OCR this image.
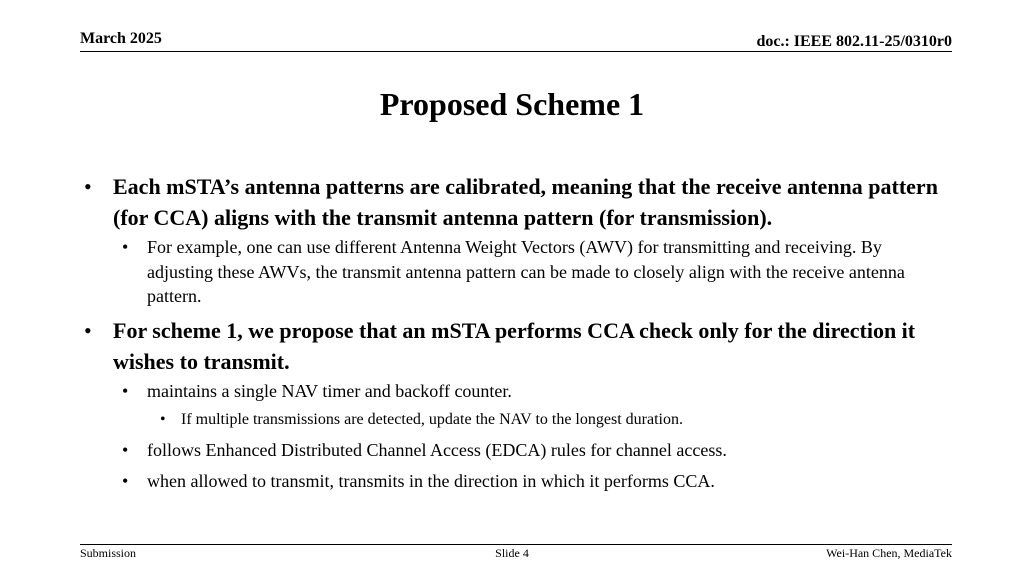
March 2025	doc.: IEEE 802.11-25/0310r0
Proposed Scheme 1
• Each mSTA’s antenna patterns are calibrated, meaning that the receive antenna pattern (for CCA) aligns with the transmit antenna pattern (for transmission).
• For example, one can use different Antenna Weight Vectors (AWV) for transmitting and receiving. By adjusting these AWVs, the transmit antenna pattern can be made to closely align with the receive antenna pattern.
• For scheme 1, we propose that an mSTA performs CCA check only for the direction it wishes to transmit.
• maintains a single NAV timer and backoff counter.
• If multiple transmissions are detected, update the NAV to the longest duration.
• follows Enhanced Distributed Channel Access (EDCA) rules for channel access.
• when allowed to transmit, transmits in the direction in which it performs CCA.
Submission	Slide 4	Wei-Han Chen, MediaTek
